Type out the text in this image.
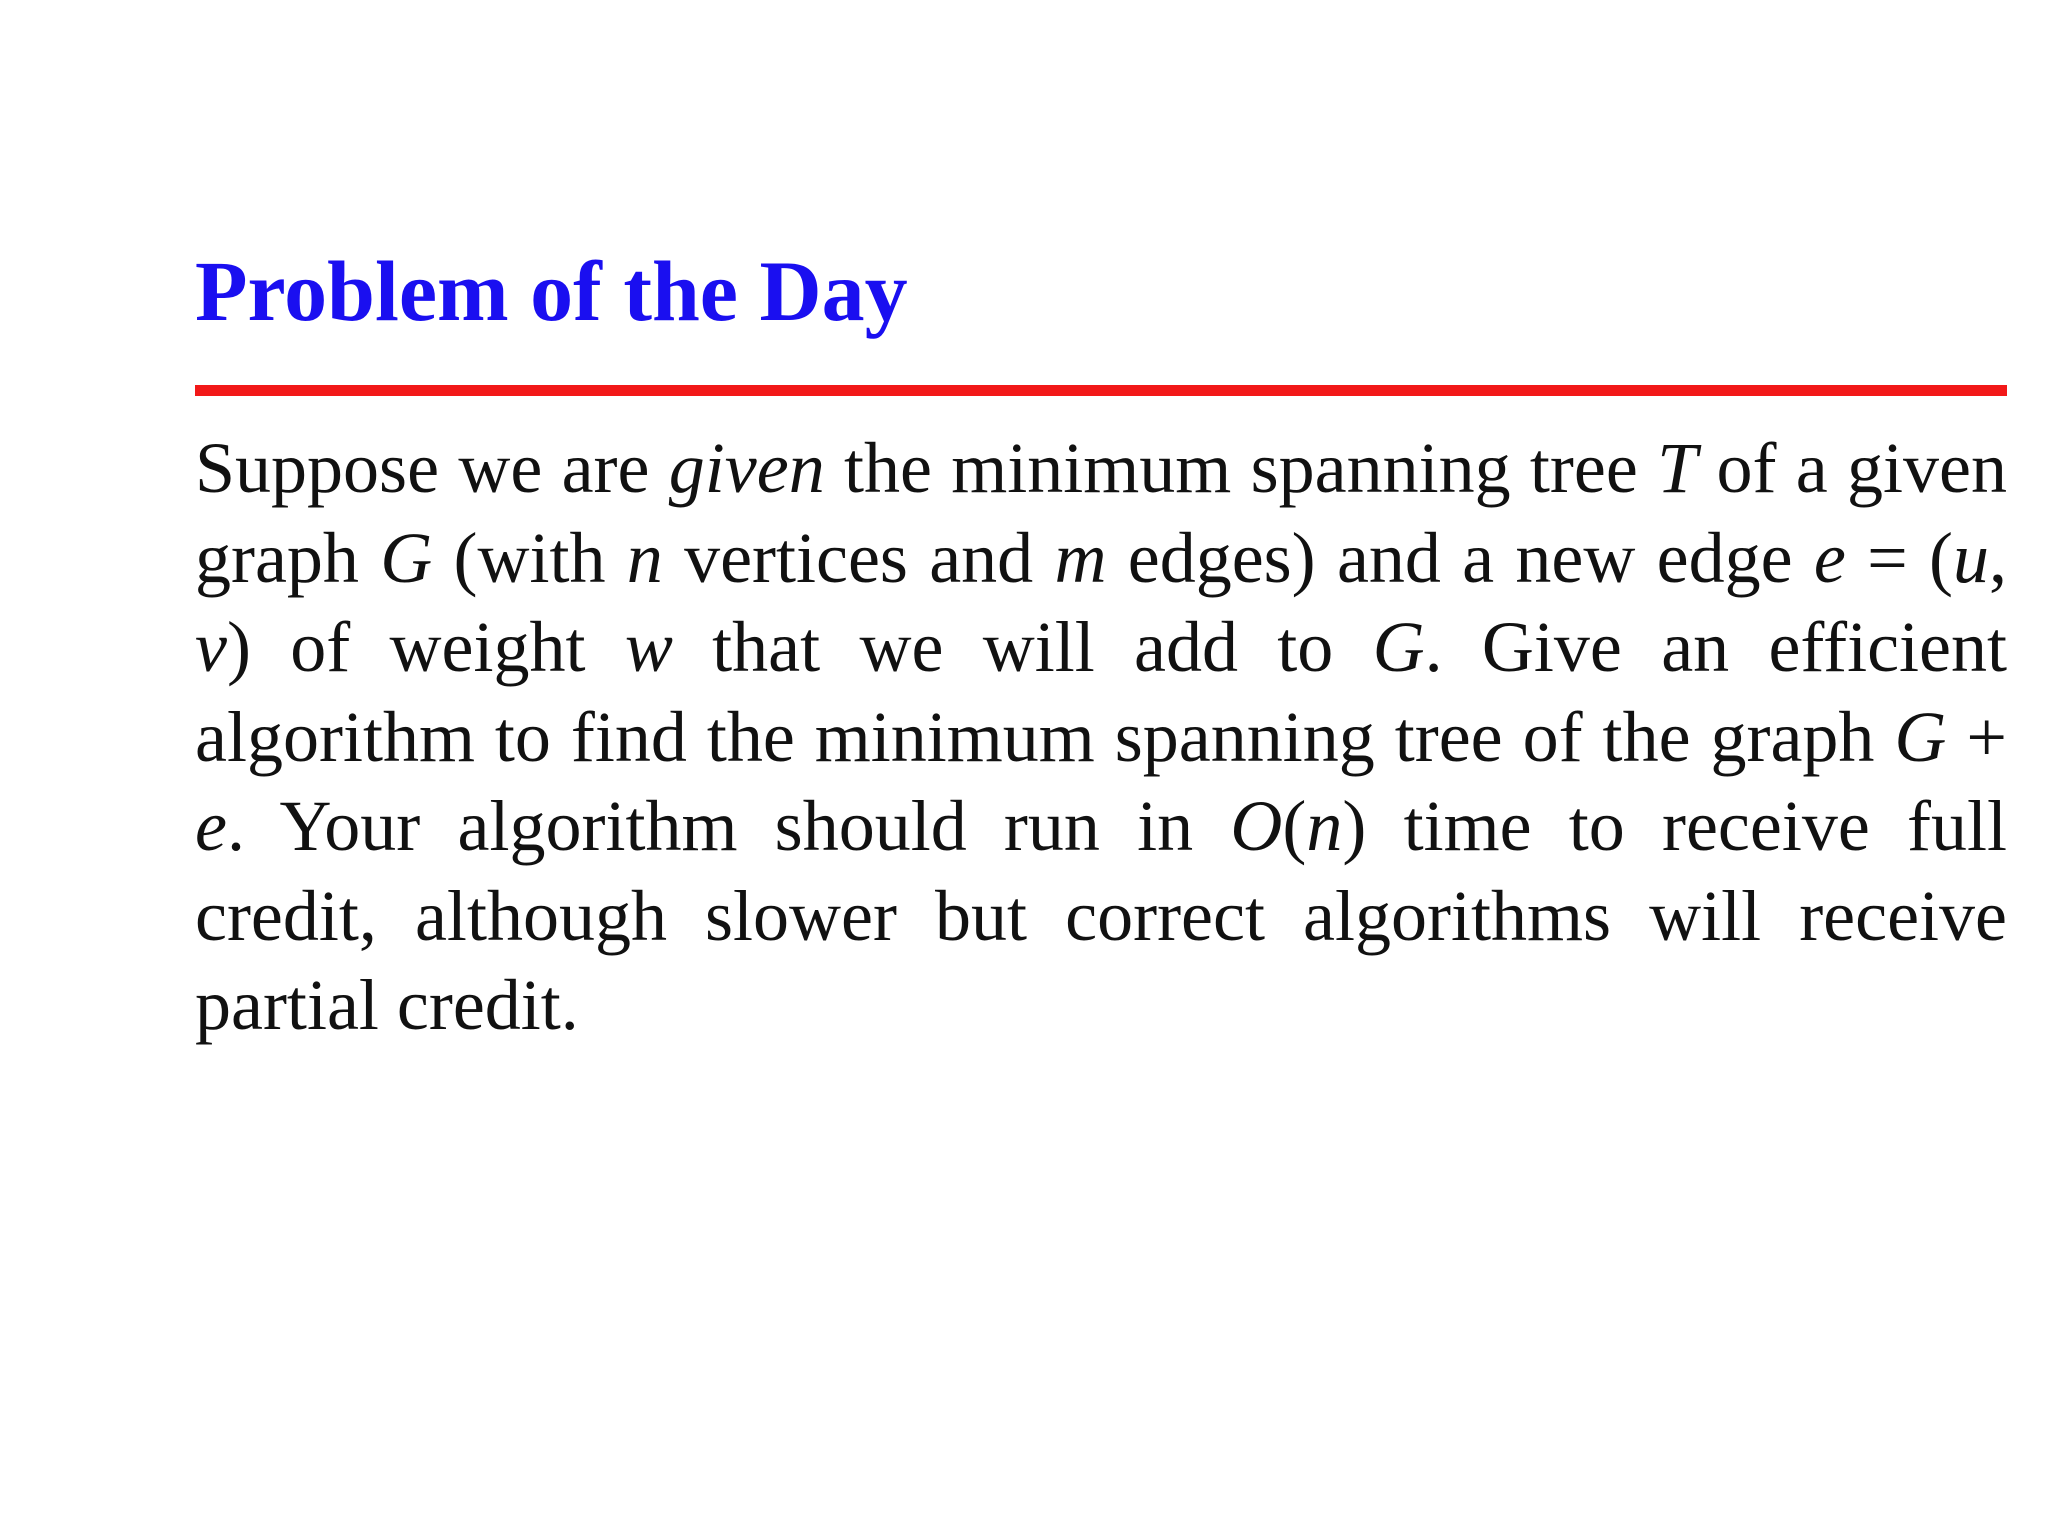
Problem of the Day

Suppose we are given the minimum spanning tree T of a given graph G (with n vertices and m edges) and a new edge e = (u, v) of weight w that we will add to G. Give an efficient algorithm to find the minimum spanning tree of the graph G + e. Your algorithm should run in O(n) time to receive full credit, although slower but correct algorithms will receive partial credit.
